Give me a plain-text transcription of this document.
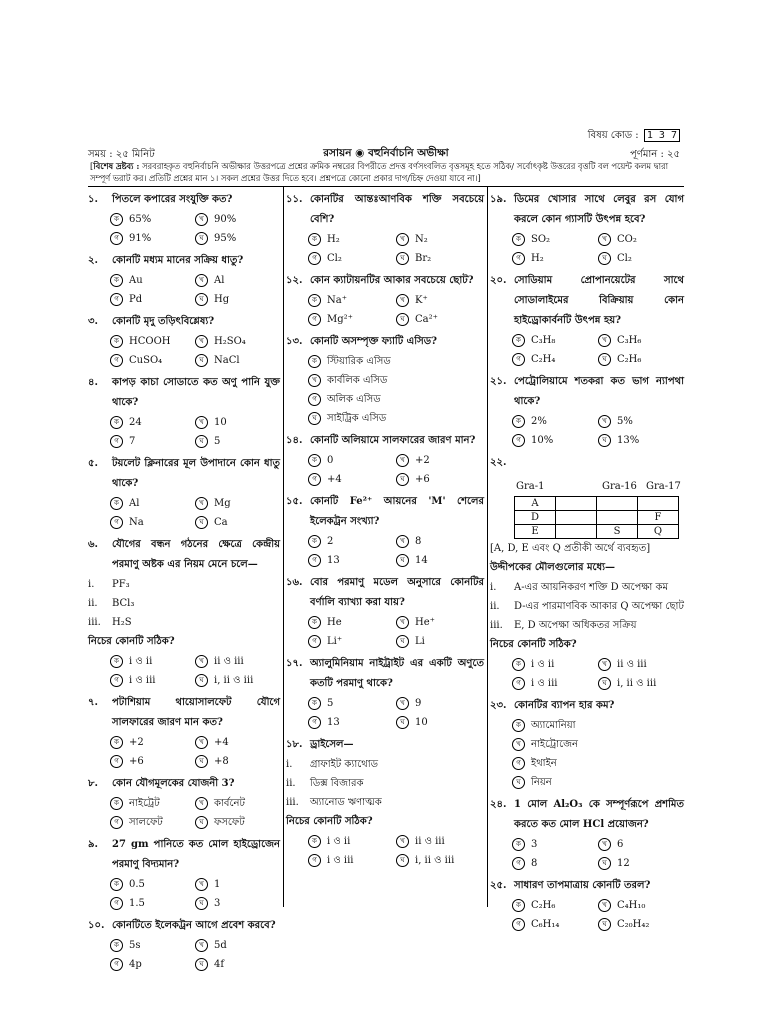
বিষয় কোড : 1 3 7
সময় : ২৫ মিনিট	রসায়ন ◉ বহুনির্বাচনি অভীক্ষা	পূর্ণমান : ২৫
[বিশেষ দ্রষ্টব্য : সরবরাহকৃত বহুনির্বাচনি অভীক্ষার উত্তরপত্রে প্রশ্নের ক্রমিক নম্বরের বিপরীতে প্রদত্ত বর্ণসংবলিত বৃত্তসমূহ হতে সঠিক/ সর্বোৎকৃষ্ট উত্তরের বৃত্তটি বল পয়েন্ট কলম দ্বারা সম্পূর্ণ ভরাট কর। প্রতিটি প্রশ্নের মান ১। সকল প্রশ্নের উত্তর দিতে হবে। প্রশ্নপত্রে কোনো প্রকার দাগ/চিহ্ন দেওয়া যাবে না।]
১.	পিতলে কপারের সংযুক্তি কত?
ক	65%	খ	90%
গ	91%	ঘ	95%
২.	কোনটি মধ্যম মানের সক্রিয় ধাতু?
ক	Au	খ	Al
গ	Pd	ঘ	Hg
৩.	কোনটি মৃদু তড়িৎবিশ্লেষ্য?
ক	HCOOH	খ	H₂SO₄
গ	CuSO₄	ঘ	NaCl
৪.	কাপড় কাচা সোডাতে কত অণু পানি যুক্ত থাকে?
ক	24	খ	10
গ	7	ঘ	5
৫.	টয়লেট ক্লিনারের মূল উপাদানে কোন ধাতু থাকে?
ক	Al	খ	Mg
গ	Na	ঘ	Ca
৬.	যৌগের বন্ধন গঠনের ক্ষেত্রে কেন্দ্রীয় পরমাণু অষ্টক এর নিয়ম মেনে চলে—
i.	PF₃
ii.	BCl₃
iii.	H₂S
নিচের কোনটি সঠিক?
ক	i ও ii	খ	ii ও iii
গ	i ও iii	ঘ	i, ii ও iii
৭.	পটাশিয়াম থায়োসালফেট যৌগে সালফারের জারণ মান কত?
ক	+2	খ	+4
গ	+6	ঘ	+8
৮.	কোন যৌগমূলকের যোজনী 3?
ক	নাইট্রেট	খ	কার্বনেট
গ	সালফেট	ঘ	ফসফেট
৯.	27 gm পানিতে কত মোল হাইড্রোজেন পরমাণু বিদ্যমান?
ক	0.5	খ	1
গ	1.5	ঘ	3
১০. কোনটিতে ইলেকট্রন আগে প্রবেশ করবে?
ক	5s	খ	5d
গ	4p	ঘ	4f
১১. কোনটির আন্তঃআণবিক শক্তি সবচেয়ে বেশি?
ক	H₂	খ	N₂
গ	Cl₂	ঘ	Br₂
১২. কোন ক্যাটায়নটির আকার সবচেয়ে ছোট?
ক	Na⁺	খ	K⁺
গ	Mg²⁺	ঘ	Ca²⁺
১৩. কোনটি অসম্পৃক্ত ফ্যাটি এসিড?
ক	স্টিয়ারিক এসিড
খ	কার্বলিক এসিড
গ	অলিক এসিড
ঘ	সাইট্রিক এসিড
১৪. কোনটি অলিয়ামে সালফারের জারণ মান?
ক	0	খ	+2
গ	+4	ঘ	+6
১৫. কোনটি Fe²⁺ আয়নের 'M' শেলের ইলেকট্রন সংখ্যা?
ক	2	খ	8
গ	13	ঘ	14
১৬. বোর পরমাণু মডেল অনুসারে কোনটির বর্ণালি ব্যাখ্যা করা যায়?
ক	He	খ	He⁺
গ	Li⁺	ঘ	Li
১৭. অ্যালুমিনিয়াম নাইট্রাইট এর একটি অণুতে কতটি পরমাণু থাকে?
ক	5	খ	9
গ	13	ঘ	10
১৮. ড্রাইসেল—
i.	গ্রাফাইট ক্যাথোড
ii.	ডিক্স বিজারক
iii.	অ্যানোড ঋণাত্মক
নিচের কোনটি সঠিক?
ক	i ও ii	খ	ii ও iii
গ	i ও iii	ঘ	i, ii ও iii
১৯. ডিমের খোসার সাথে লেবুর রস যোগ করলে কোন গ্যাসটি উৎপন্ন হবে?
ক	SO₂	খ	CO₂
গ	H₂	ঘ	Cl₂
২০. সোডিয়াম প্রোপানয়েটের সাথে সোডালাইমের বিক্রিয়ায় কোন হাইড্রোকার্বনটি উৎপন্ন হয়?
ক	C₃H₈	খ	C₃H₆
গ	C₂H₄	ঘ	C₂H₆
২১. পেট্রোলিয়ামে শতকরা কত ভাগ ন্যাপথা থাকে?
ক	2%	খ	5%
গ	10%	ঘ	13%
২২.
Gra-1	Gra-16 Gra-17
A			
D			F
E		S	Q
[A, D, E এবং Q প্রতীকী অর্থে ব্যবহৃত]
উদ্দীপকের মৌলগুলোর মধ্যে—
i.	A-এর আয়নিকরণ শক্তি D অপেক্ষা কম
ii.	D-এর পারমাণবিক আকার Q অপেক্ষা ছোট
iii.	E, D অপেক্ষা অধিকতর সক্রিয়
নিচের কোনটি সঠিক?
ক	i ও ii	খ	ii ও iii
গ	i ও iii	ঘ	i, ii ও iii
২৩. কোনটির ব্যাপন হার কম?
ক	অ্যামোনিয়া
খ	নাইট্রোজেন
গ	ইথাইন
ঘ	নিয়ন
২৪. 1 মোল Al₂O₃ কে সম্পূর্ণরূপে প্রশমিত করতে কত মোল HCl প্রয়োজন?
ক	3	খ	6
গ	8	ঘ	12
২৫. সাধারণ তাপমাত্রায় কোনটি তরল?
ক	C₂H₆	খ	C₄H₁₀
গ	C₆H₁₄	ঘ	C₂₀H₄₂
